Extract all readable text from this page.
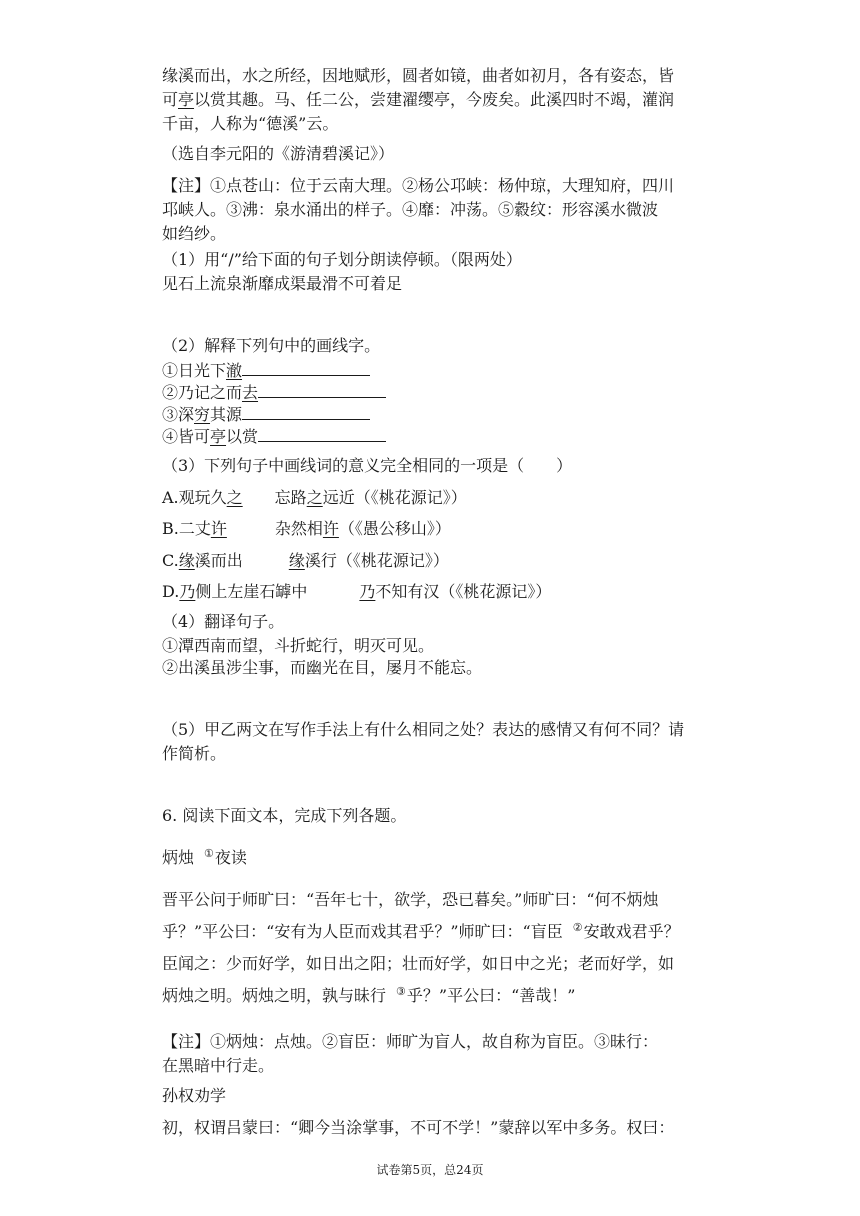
缘溪而出，水之所经，因地赋形，圆者如镜，曲者如初月，各有姿态，皆
可亭以赏其趣。马、任二公，尝建濯缨亭，今废矣。此溪四时不竭，灌润
千亩，人称为“德溪”云。
（选自李元阳的《游清碧溪记》）
【注】①点苍山：位于云南大理。②杨公邛峡：杨仲琼，大理知府，四川
邛峡人。③沸：泉水涌出的样子。④靡：冲荡。⑤縠纹：形容溪水微波
如绉纱。
（1）用“/”给下面的句子划分朗读停顿。（限两处）
见石上流泉渐靡成渠最滑不可着足
（2）解释下列句中的画线字。
①日光下澈
②乃记之而去
③深穷其源
④皆可亭以赏
（3）下列句子中画线词的意义完全相同的一项是（　　）
A.观玩久之 忘路之远近（《桃花源记》）
B.二丈许	杂然相许（《愚公移山》）
C.缘溪而出	缘溪行（《桃花源记》）
D.乃侧上左崖石罅中	乃不知有汉（《桃花源记》）
（4）翻译句子。
①潭西南而望，斗折蛇行，明灭可见。
②出溪虽涉尘事，而幽光在目，屡月不能忘。
（5）甲乙两文在写作手法上有什么相同之处？表达的感情又有何不同？请
作简析。
6. 阅读下面文本，完成下列各题。
炳烛 ①夜读
晋平公问于师旷曰：“吾年七十，欲学，恐已暮矣。”师旷曰：“何不炳烛
乎？”平公曰：“安有为人臣而戏其君乎？”师旷曰：“盲臣 ②安敢戏君乎？
臣闻之：少而好学，如日出之阳；壮而好学，如日中之光；老而好学，如
炳烛之明。炳烛之明，孰与昧行 ③乎？”平公曰：“善哉！”
【注】①炳烛：点烛。②盲臣：师旷为盲人，故自称为盲臣。③昧行：
在黑暗中行走。
孙权劝学
初，权谓吕蒙曰：“卿今当涂掌事，不可不学！”蒙辞以军中多务。权曰：
试卷第5页，总24页
